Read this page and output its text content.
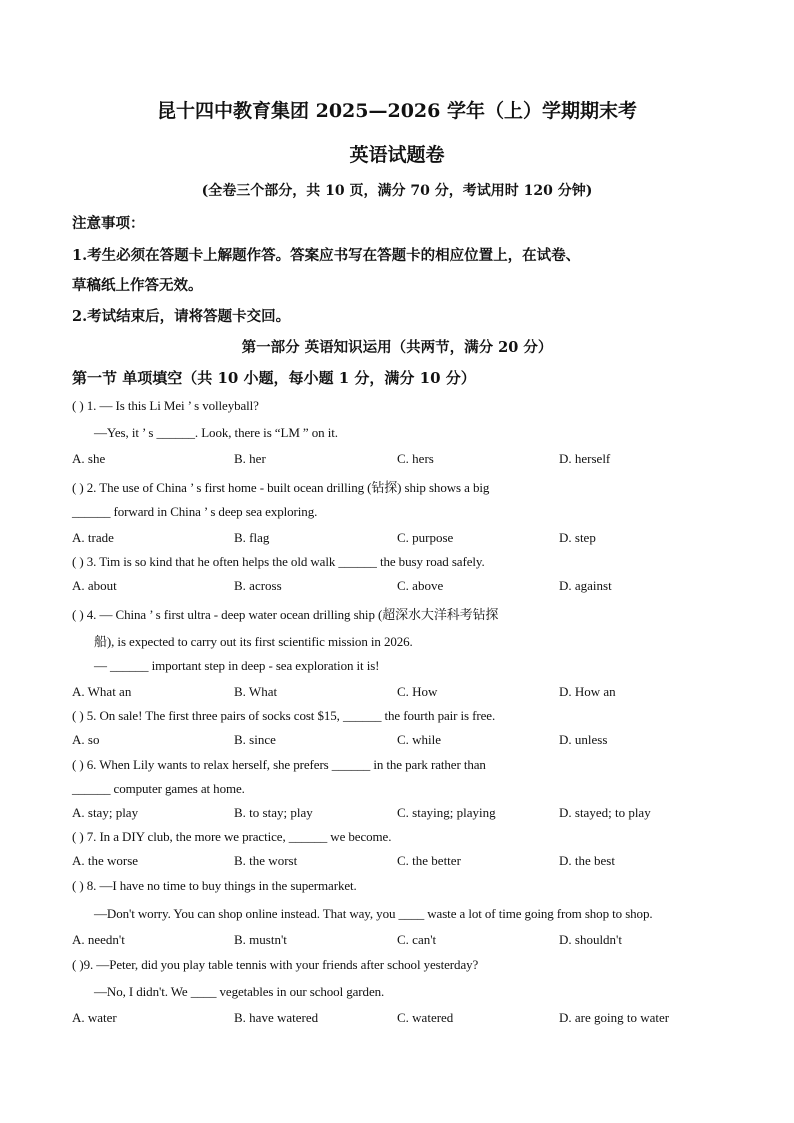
昆十四中教育集团 2025—2026 学年（上）学期期末考
英语试题卷
(全卷三个部分，共 10 页，满分 70 分，考试用时 120 分钟)
注意事项：
1.考生必须在答题卡上解题作答。答案应书写在答题卡的相应位置上，在试卷、
草稿纸上作答无效。
2.考试结束后，请将答题卡交回。
第一部分 英语知识运用（共两节，满分 20 分）
第一节 单项填空（共 10 小题，每小题 1 分，满分 10 分）
( ) 1. — Is this Li Mei ’ s volleyball?
—Yes, it ’ s ______. Look, there is “LM ” on it.
A. she	B. her	C. hers	D. herself
( ) 2. The use of China ’ s first home - built ocean drilling (钻探) ship shows a big
______ forward in China ’ s deep sea exploring.
A. trade	B. flag	C. purpose	D. step
( ) 3. Tim is so kind that he often helps the old walk ______ the busy road safely.
A. about	B. across	C. above	D. against
( ) 4. — China ’ s first ultra - deep water ocean drilling ship (超深水大洋科考钻探
船), is expected to carry out its first scientific mission in 2026.
— ______ important step in deep - sea exploration it is!
A. What an	B. What	C. How	D. How an
( ) 5. On sale! The first three pairs of socks cost $15, ______ the fourth pair is free.
A. so	B. since	C. while	D. unless
( ) 6. When Lily wants to relax herself, she prefers ______ in the park rather than
______ computer games at home.
A. stay; play	B. to stay; play	C. staying; playing	D. stayed; to play
( ) 7. In a DIY club, the more we practice, ______ we become.
A. the worse	B. the worst	C. the better	D. the best
( ) 8. —I have no time to buy things in the supermarket.
—Don't worry. You can shop online instead. That way, you ____ waste a lot of time going from shop to shop.
A. needn't	B. mustn't	C. can't	D. shouldn't
( )9. —Peter, did you play table tennis with your friends after school yesterday?
—No, I didn't. We ____ vegetables in our school garden.
A. water	B. have watered	C. watered	D. are going to water
